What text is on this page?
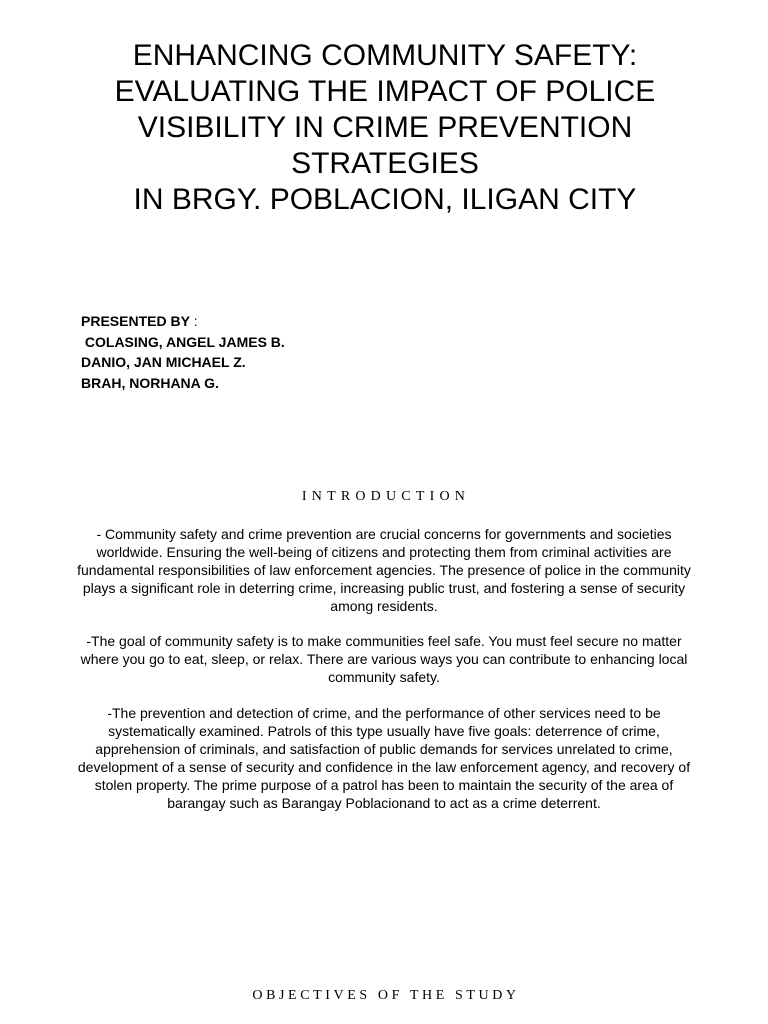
ENHANCING COMMUNITY SAFETY:
EVALUATING THE IMPACT OF POLICE
VISIBILITY IN CRIME PREVENTION
STRATEGIES
IN BRGY. POBLACION, ILIGAN CITY
PRESENTED BY :
COLASING, ANGEL JAMES B.
DANIO, JAN MICHAEL Z.
BRAH, NORHANA G.
INTRODUCTION

- Community safety and crime prevention are crucial concerns for governments and societies
worldwide. Ensuring the well-being of citizens and protecting them from criminal activities are
fundamental responsibilities of law enforcement agencies. The presence of police in the community
plays a significant role in deterring crime, increasing public trust, and fostering a sense of security
among residents.

-The goal of community safety is to make communities feel safe. You must feel secure no matter
where you go to eat, sleep, or relax. There are various ways you can contribute to enhancing local
community safety.

-The prevention and detection of crime, and the performance of other services need to be
systematically examined. Patrols of this type usually have five goals: deterrence of crime,
apprehension of criminals, and satisfaction of public demands for services unrelated to crime,
development of a sense of security and confidence in the law enforcement agency, and recovery of
stolen property. The prime purpose of a patrol has been to maintain the security of the area of
barangay such as Barangay Poblacionand to act as a crime deterrent.

OBJECTIVES OF THE STUDY
